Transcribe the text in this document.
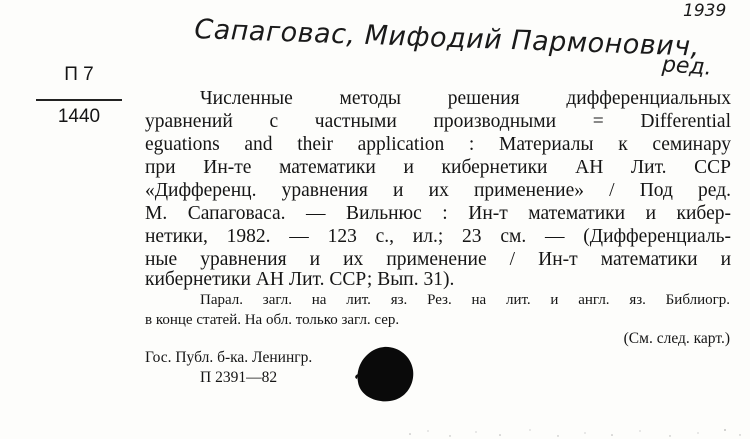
Сапаговас, Мифодий Пармонович,
1939
ред.
П 7
1440
Численные методы решения дифференциальных
уравнений с частными производными = Differential
eguations and their application : Материалы к семинару
при Ин-те математики и кибернетики АН Лит. ССР
«Дифференц. уравнения и их применение» / Под ред.
М. Сапаговаса. — Вильнюс : Ин-т математики и кибер-
нетики, 1982. — 123 с., ил.; 23 см. — (Дифференциаль-
ные уравнения и их применение / Ин-т математики и
кибернетики АН Лит. ССР; Вып. 31).
Парал. загл. на лит. яз. Рез. на лит. и англ. яз. Библиогр.
в конце статей. На обл. только загл. сер.
(См. след. карт.)
Гос. Публ. б-ка. Ленингр.
П 2391—82
